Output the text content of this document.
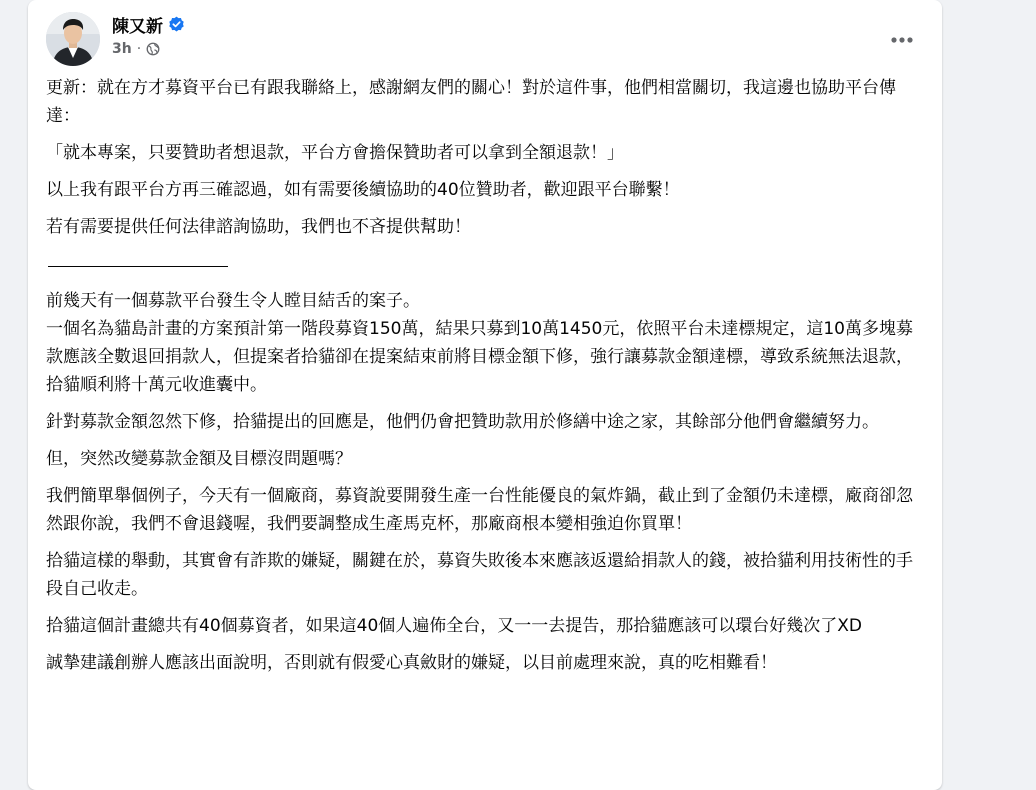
陳又新
3h ·

更新：就在方才募資平台已有跟我聯絡上，感謝網友們的關心！對於這件事，他們相當關切，我這邊也協助平台傳達：

「就本專案，只要贊助者想退款，平台方會擔保贊助者可以拿到全額退款！」

以上我有跟平台方再三確認過，如有需要後續協助的40位贊助者，歡迎跟平台聯繫！

若有需要提供任何法律諮詢協助，我們也不吝提供幫助！

前幾天有一個募款平台發生令人瞠目結舌的案子。
一個名為貓島計畫的方案預計第一階段募資150萬，結果只募到10萬1450元，依照平台未達標規定，這10萬多塊募款應該全數退回捐款人，但提案者拾貓卻在提案結束前將目標金額下修，強行讓募款金額達標，導致系統無法退款，拾貓順利將十萬元收進囊中。

針對募款金額忽然下修，拾貓提出的回應是，他們仍會把贊助款用於修繕中途之家，其餘部分他們會繼續努力。

但，突然改變募款金額及目標沒問題嗎？

我們簡單舉個例子，今天有一個廠商，募資說要開發生產一台性能優良的氣炸鍋，截止到了金額仍未達標，廠商卻忽然跟你說，我們不會退錢喔，我們要調整成生產馬克杯，那廠商根本變相強迫你買單！

拾貓這樣的舉動，其實會有詐欺的嫌疑，關鍵在於，募資失敗後本來應該返還給捐款人的錢，被拾貓利用技術性的手段自己收走。

拾貓這個計畫總共有40個募資者，如果這40個人遍佈全台，又一一去提告，那拾貓應該可以環台好幾次了XD

誠摯建議創辦人應該出面說明，否則就有假愛心真斂財的嫌疑，以目前處理來說，真的吃相難看！
